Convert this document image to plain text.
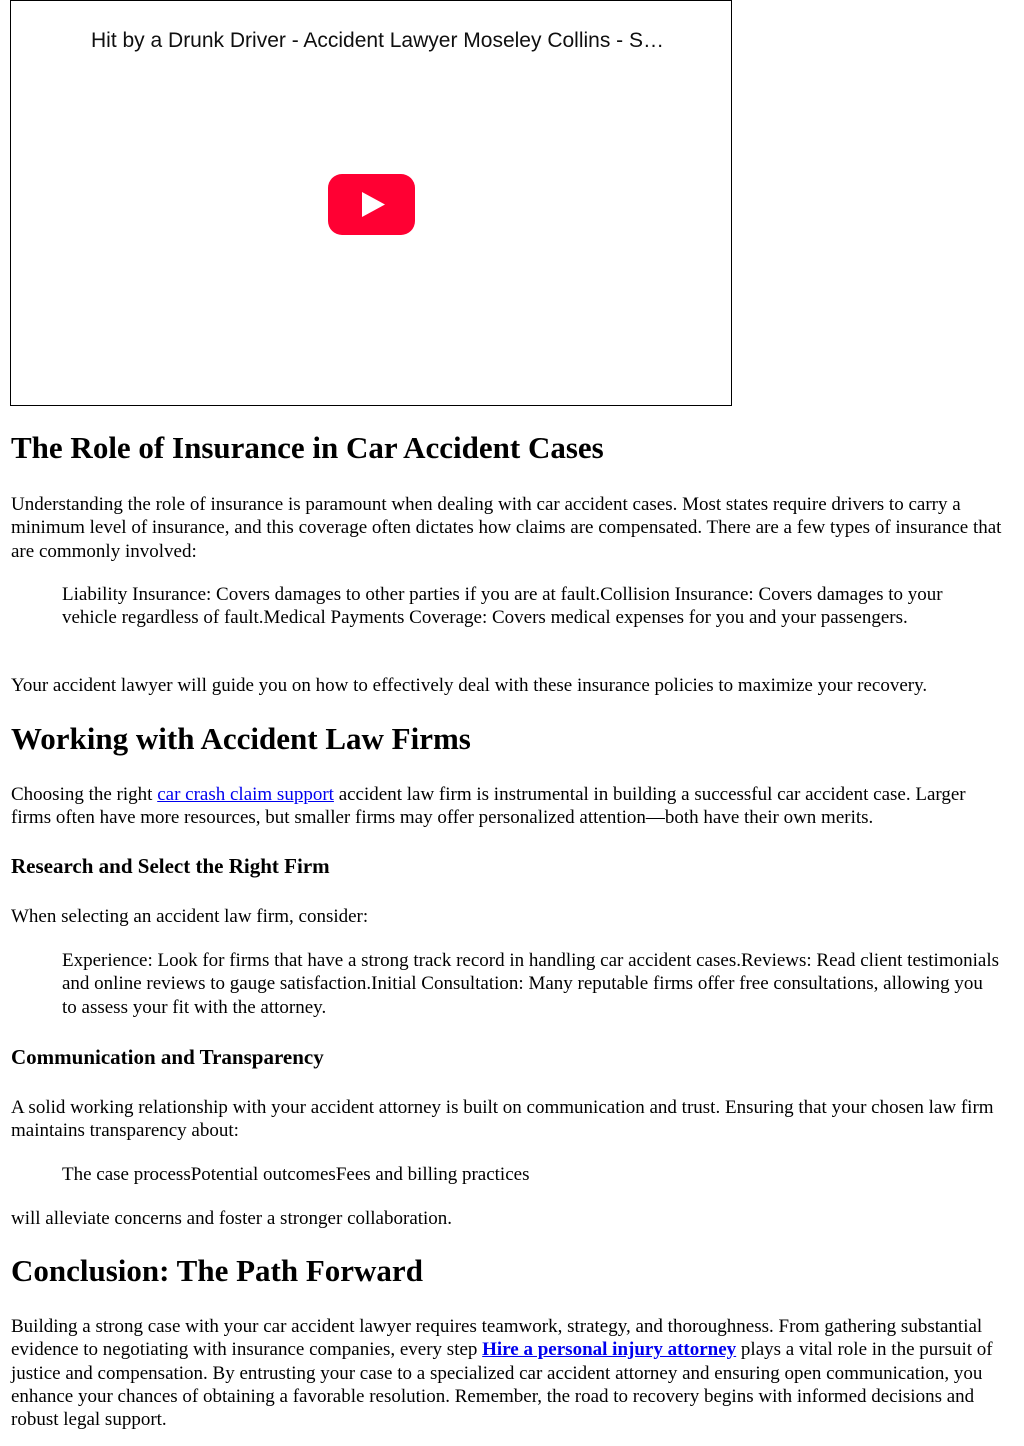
Hit by a Drunk Driver - Accident Lawyer Moseley Collins - S…
The Role of Insurance in Car Accident Cases

Understanding the role of insurance is paramount when dealing with car accident cases. Most states require drivers to carry a minimum level of insurance, and this coverage often dictates how claims are compensated. There are a few types of insurance that are commonly involved:

Liability Insurance: Covers damages to other parties if you are at fault.Collision Insurance: Covers damages to your vehicle regardless of fault.Medical Payments Coverage: Covers medical expenses for you and your passengers.

Your accident lawyer will guide you on how to effectively deal with these insurance policies to maximize your recovery.

Working with Accident Law Firms

Choosing the right car crash claim support accident law firm is instrumental in building a successful car accident case. Larger firms often have more resources, but smaller firms may offer personalized attention—both have their own merits.

Research and Select the Right Firm

When selecting an accident law firm, consider:

Experience: Look for firms that have a strong track record in handling car accident cases.Reviews: Read client testimonials and online reviews to gauge satisfaction.Initial Consultation: Many reputable firms offer free consultations, allowing you to assess your fit with the attorney.

Communication and Transparency

A solid working relationship with your accident attorney is built on communication and trust. Ensuring that your chosen law firm maintains transparency about:

The case processPotential outcomesFees and billing practices

will alleviate concerns and foster a stronger collaboration.

Conclusion: The Path Forward

Building a strong case with your car accident lawyer requires teamwork, strategy, and thoroughness. From gathering substantial evidence to negotiating with insurance companies, every step Hire a personal injury attorney plays a vital role in the pursuit of justice and compensation. By entrusting your case to a specialized car accident attorney and ensuring open communication, you enhance your chances of obtaining a favorable resolution. Remember, the road to recovery begins with informed decisions and robust legal support.
